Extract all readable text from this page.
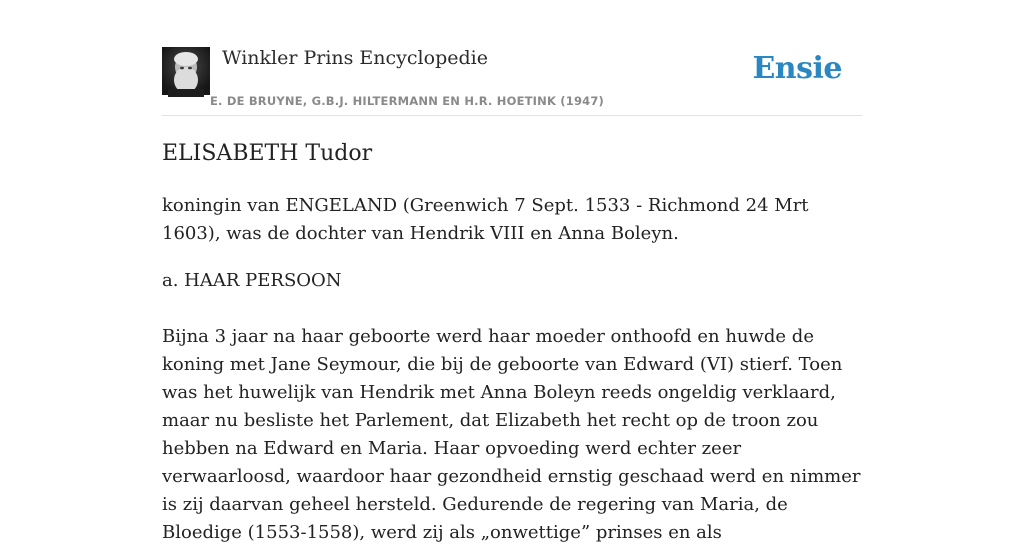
Winkler Prins Encyclopedie
E. DE BRUYNE, G.B.J. HILTERMANN EN H.R. HOETINK (1947)
Ensie
ELISABETH Tudor

koningin van ENGELAND (Greenwich 7 Sept. 1533 - Richmond 24 Mrt 1603), was de dochter van Hendrik VIII en Anna Boleyn.

a. HAAR PERSOON

Bijna 3 jaar na haar geboorte werd haar moeder onthoofd en huwde de koning met Jane Seymour, die bij de geboorte van Edward (VI) stierf. Toen was het huwelijk van Hendrik met Anna Boleyn reeds ongeldig verklaard, maar nu besliste het Parlement, dat Elizabeth het recht op de troon zou hebben na Edward en Maria. Haar opvoeding werd echter zeer verwaarloosd, waardoor haar gezondheid ernstig geschaad werd en nimmer is zij daarvan geheel hersteld. Gedurende de regering van Maria, de Bloedige (1553-1558), werd zij als „onwettige” prinses en als
